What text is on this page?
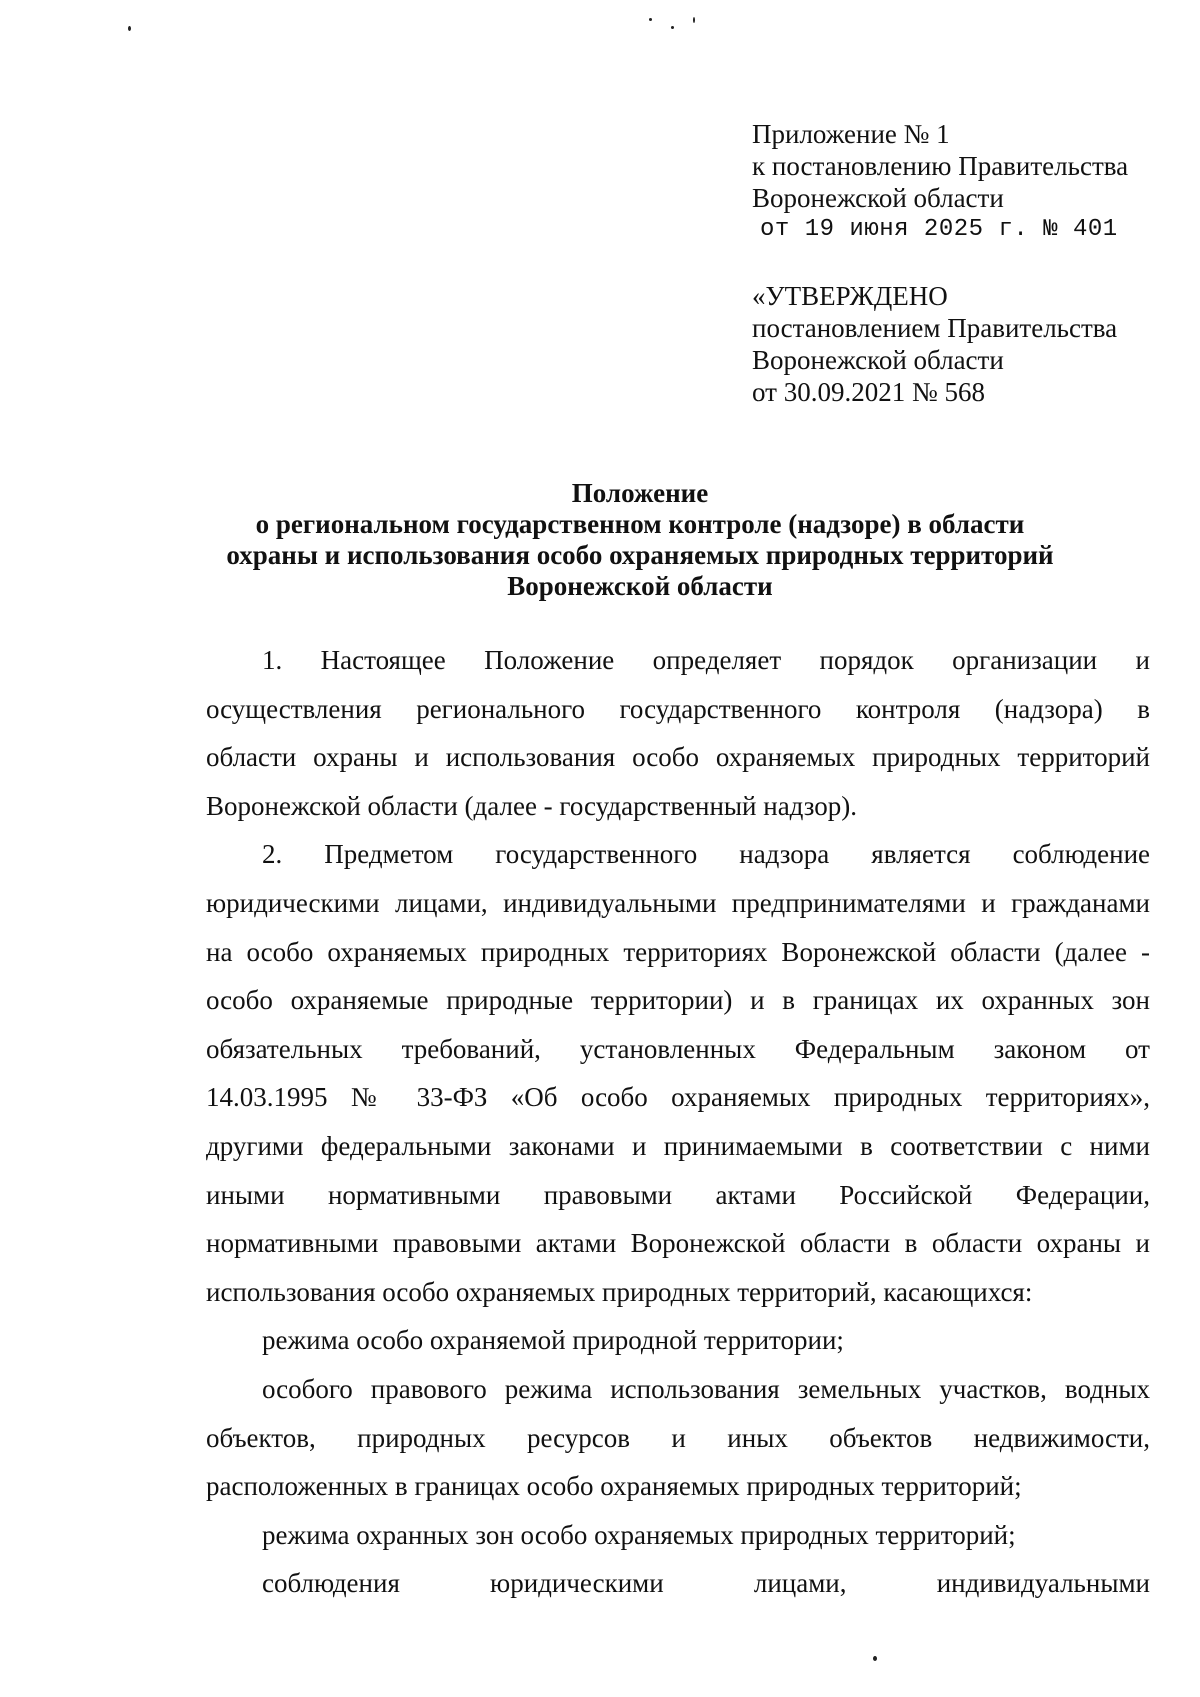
Приложение № 1
к постановлению Правительства
Воронежской области
от 19 июня 2025 г. № 401
«УТВЕРЖДЕНО
постановлением Правительства
Воронежской области
от 30.09.2021 № 568
Положение
о региональном государственном контроле (надзоре) в области
охраны и использования особо охраняемых природных территорий
Воронежской области
1. Настоящее Положение определяет порядок организации и
осуществления регионального государственного контроля (надзора) в
области охраны и использования особо охраняемых природных территорий
Воронежской области (далее - государственный надзор).
2. Предметом государственного надзора является соблюдение
юридическими лицами, индивидуальными предпринимателями и гражданами
на особо охраняемых природных территориях Воронежской области (далее -
особо охраняемые природные территории) и в границах их охранных зон
обязательных требований, установленных Федеральным законом от
14.03.1995 № 33-ФЗ «Об особо охраняемых природных территориях»,
другими федеральными законами и принимаемыми в соответствии с ними
иными нормативными правовыми актами Российской Федерации,
нормативными правовыми актами Воронежской области в области охраны и
использования особо охраняемых природных территорий, касающихся:
режима особо охраняемой природной территории;
особого правового режима использования земельных участков, водных
объектов, природных ресурсов и иных объектов недвижимости,
расположенных в границах особо охраняемых природных территорий;
режима охранных зон особо охраняемых природных территорий;
соблюдения юридическими лицами, индивидуальными
